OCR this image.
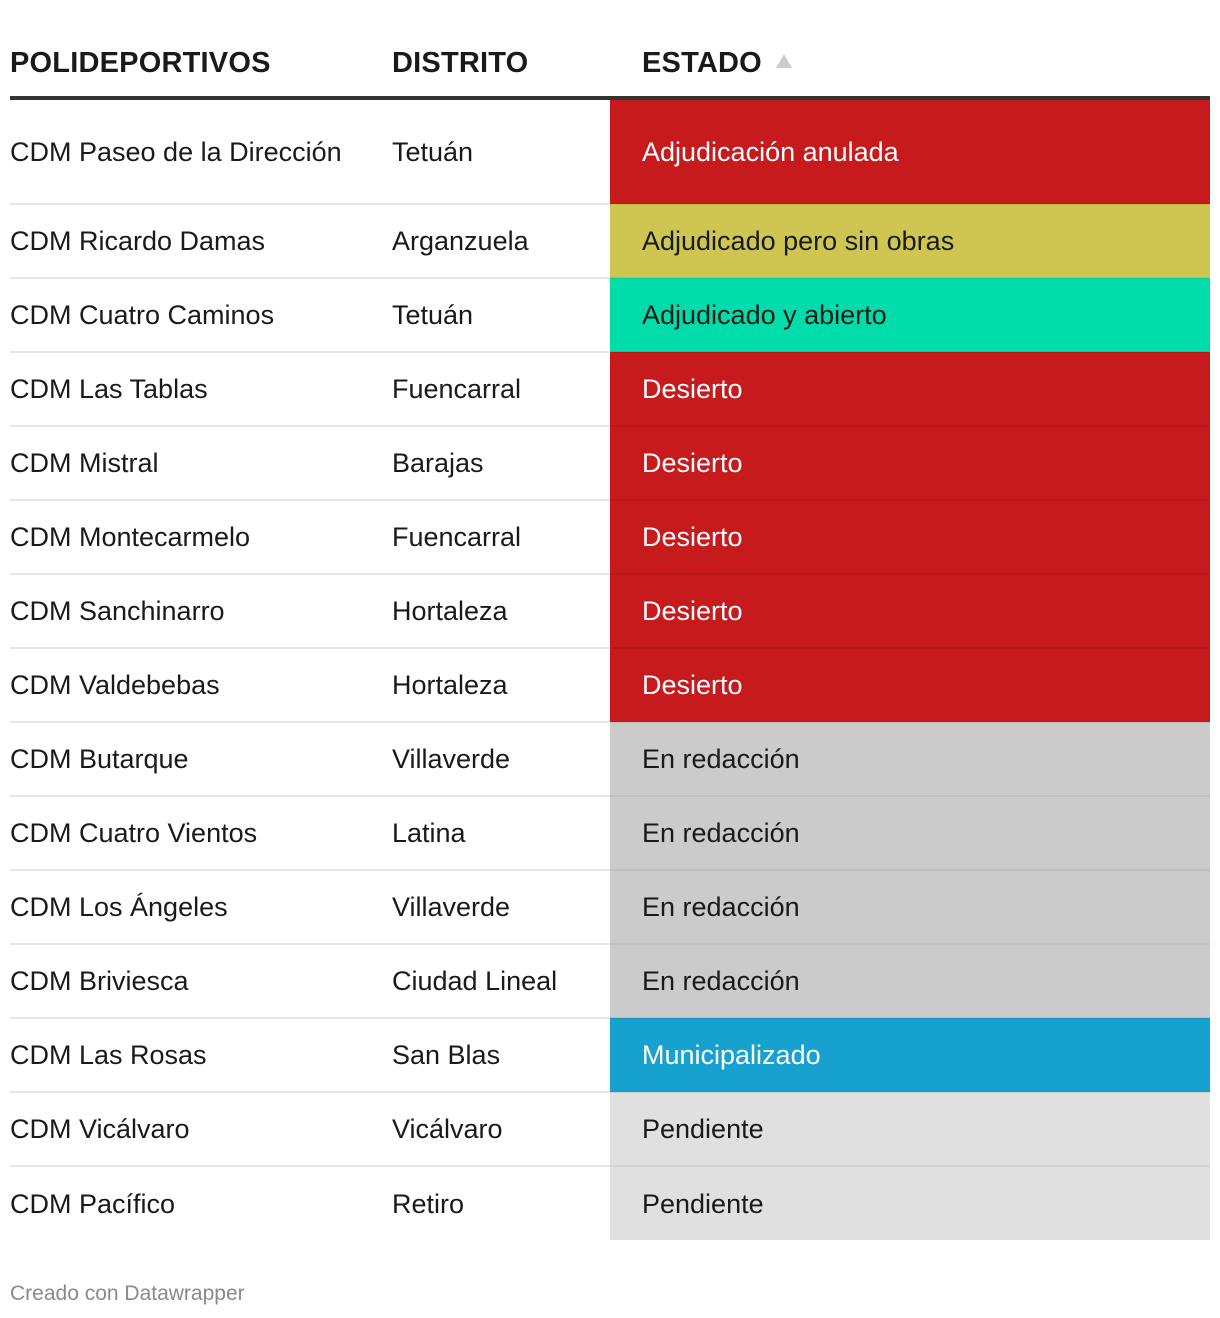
POLIDEPORTIVOS	DISTRITO	ESTADO
CDM Paseo de la Dirección	Tetuán	Adjudicación anulada
CDM Ricardo Damas	Arganzuela	Adjudicado pero sin obras
CDM Cuatro Caminos	Tetuán	Adjudicado y abierto
CDM Las Tablas	Fuencarral	Desierto
CDM Mistral	Barajas	Desierto
CDM Montecarmelo	Fuencarral	Desierto
CDM Sanchinarro	Hortaleza	Desierto
CDM Valdebebas	Hortaleza	Desierto
CDM Butarque	Villaverde	En redacción
CDM Cuatro Vientos	Latina	En redacción
CDM Los Ángeles	Villaverde	En redacción
CDM Briviesca	Ciudad Lineal	En redacción
CDM Las Rosas	San Blas	Municipalizado
CDM Vicálvaro	Vicálvaro	Pendiente
CDM Pacífico	Retiro	Pendiente
Creado con Datawrapper
